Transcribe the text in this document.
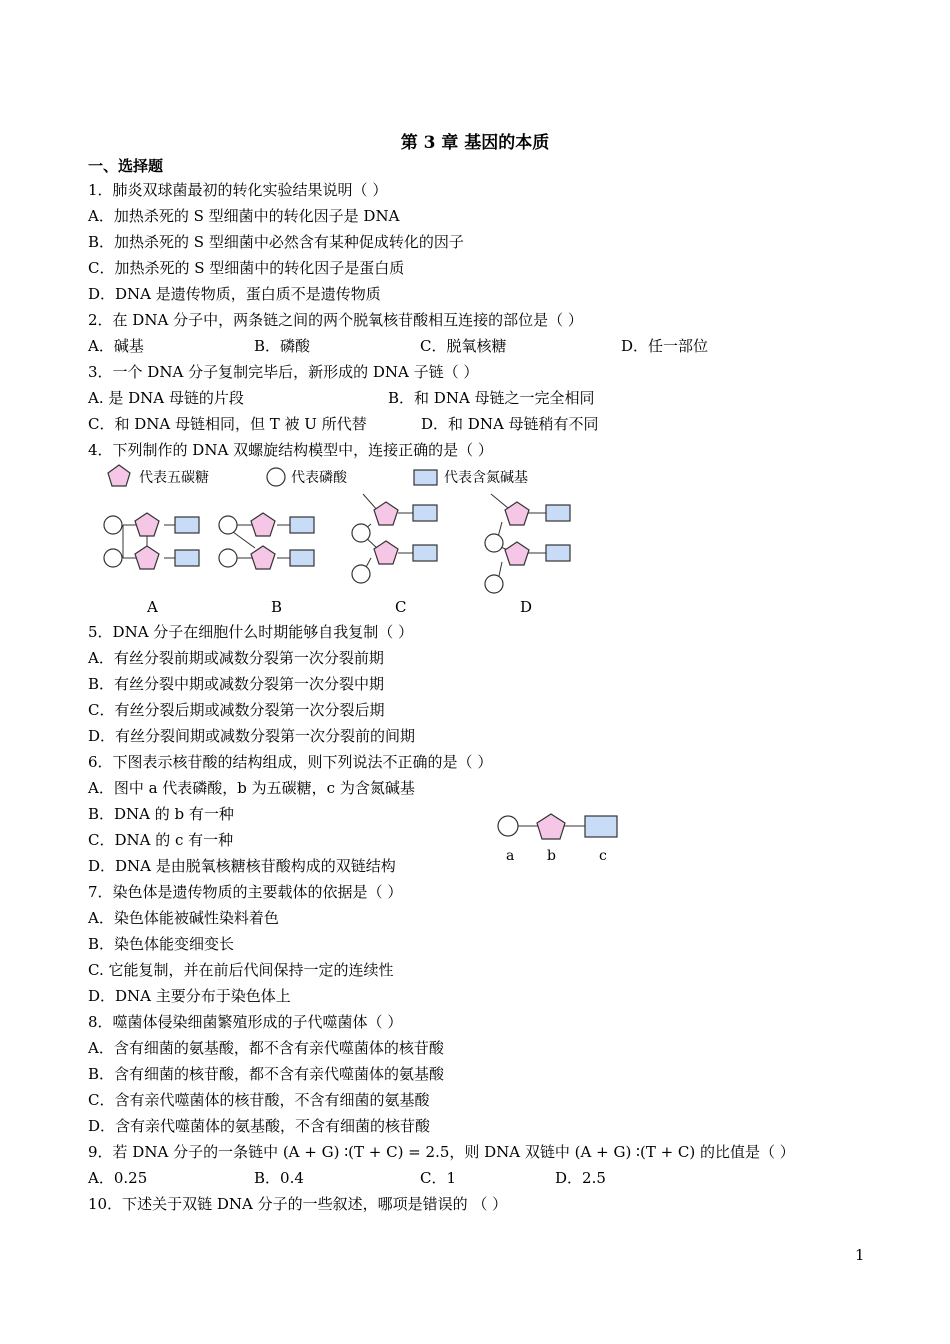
第 3 章 基因的本质
一、选择题
1．肺炎双球菌最初的转化实验结果说明（ ）
A．加热杀死的 S 型细菌中的转化因子是 DNA
B．加热杀死的 S 型细菌中必然含有某种促成转化的因子
C．加热杀死的 S 型细菌中的转化因子是蛋白质
D．DNA 是遗传物质，蛋白质不是遗传物质
2．在 DNA 分子中，两条链之间的两个脱氧核苷酸相互连接的部位是（ ）
A．碱基	B．磷酸	C．脱氧核糖	D．任一部位
3．一个 DNA 分子复制完毕后，新形成的 DNA 子链（ ）
A. 是 DNA 母链的片段	B．和 DNA 母链之一完全相同
C．和 DNA 母链相同，但 T 被 U 所代替	D．和 DNA 母链稍有不同
4．下列制作的 DNA 双螺旋结构模型中，连接正确的是（ ）
代表五碳糖	代表磷酸	代表含氮碱基
A	B	C	D
5．DNA 分子在细胞什么时期能够自我复制（ ）
A．有丝分裂前期或减数分裂第一次分裂前期
B．有丝分裂中期或减数分裂第一次分裂中期
C．有丝分裂后期或减数分裂第一次分裂后期
D．有丝分裂间期或减数分裂第一次分裂前的间期
6．下图表示核苷酸的结构组成，则下列说法不正确的是（ ）
A．图中 a 代表磷酸，b 为五碳糖，c 为含氮碱基
B．DNA 的 b 有一种
C．DNA 的 c 有一种
D．DNA 是由脱氧核糖核苷酸构成的双链结构
a b	c
7．染色体是遗传物质的主要载体的依据是（ ）
A．染色体能被碱性染料着色
B．染色体能变细变长
C. 它能复制，并在前后代间保持一定的连续性
D．DNA 主要分布于染色体上
8．噬菌体侵染细菌繁殖形成的子代噬菌体（ ）
A．含有细菌的氨基酸，都不含有亲代噬菌体的核苷酸
B．含有细菌的核苷酸，都不含有亲代噬菌体的氨基酸
C．含有亲代噬菌体的核苷酸，不含有细菌的氨基酸
D．含有亲代噬菌体的氨基酸，不含有细菌的核苷酸
9．若 DNA 分子的一条链中 (A + G) ∶(T + C) = 2.5，则 DNA 双链中 (A + G) ∶(T + C) 的比值是（ ）
A．0.25	B．0.4	C．1	D．2.5
10．下述关于双链 DNA 分子的一些叙述，哪项是错误的 （ ）
1
